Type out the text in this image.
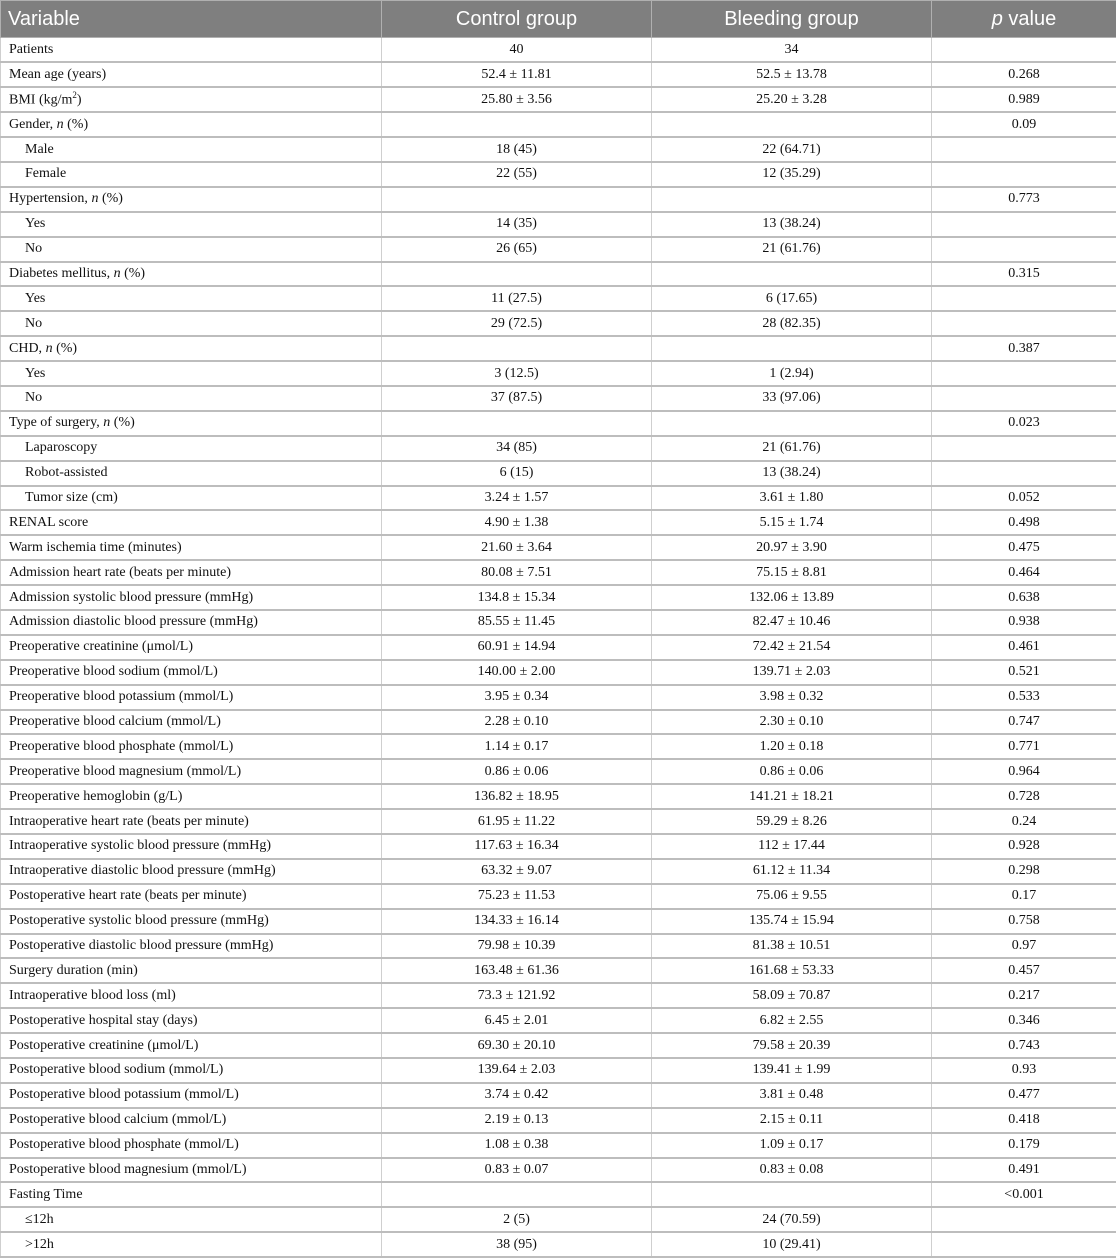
Variable	Control group	Bleeding group	p value
Patients	40	34	
Mean age (years)	52.4 ± 11.81	52.5 ± 13.78	0.268
BMI $(kg/m^2)$	25.80 ± 3.56	25.20 ± 3.28	0.989
Gender, n (%)			0.09
Male	18 (45)	22 (64.71)	
Female	22 (55)	12 (35.29)	
Hypertension, n (%)			0.773
Yes	14 (35)	13 (38.24)	
No	26 (65)	21 (61.76)	
Diabetes mellitus, n (%)			0.315
Yes	11 (27.5)	6 (17.65)	
No	29 (72.5)	28 (82.35)	
CHD, n (%)			0.387
Yes	3 (12.5)	1 (2.94)	
No	37 (87.5)	33 (97.06)	
Type of surgery, n (%)			0.023
Laparoscopy	34 (85)	21 (61.76)	
Robot-assisted	6 (15)	13 (38.24)	
Tumor size (cm)	3.24 ± 1.57	3.61 ± 1.80	0.052
RENAL score	4.90 ± 1.38	5.15 ± 1.74	0.498
Warm ischemia time (minutes)	21.60 ± 3.64	20.97 ± 3.90	0.475
Admission heart rate (beats per minute)	80.08 ± 7.51	75.15 ± 8.81	0.464
Admission systolic blood pressure (mmHg)	134.8 ± 15.34	132.06 ± 13.89	0.638
Admission diastolic blood pressure (mmHg)	85.55 ± 11.45	82.47 ± 10.46	0.938
Preoperative creatinine (μmol/L)	60.91 ± 14.94	72.42 ± 21.54	0.461
Preoperative blood sodium (mmol/L)	140.00 ± 2.00	139.71 ± 2.03	0.521
Preoperative blood potassium (mmol/L)	3.95 ± 0.34	3.98 ± 0.32	0.533
Preoperative blood calcium (mmol/L)	2.28 ± 0.10	2.30 ± 0.10	0.747
Preoperative blood phosphate (mmol/L)	1.14 ± 0.17	1.20 ± 0.18	0.771
Preoperative blood magnesium (mmol/L)	0.86 ± 0.06	0.86 ± 0.06	0.964
Preoperative hemoglobin (g/L)	136.82 ± 18.95	141.21 ± 18.21	0.728
Intraoperative heart rate (beats per minute)	61.95 ± 11.22	59.29 ± 8.26	0.24
Intraoperative systolic blood pressure (mmHg)	117.63 ± 16.34	112 ± 17.44	0.928
Intraoperative diastolic blood pressure (mmHg)	63.32 ± 9.07	61.12 ± 11.34	0.298
Postoperative heart rate (beats per minute)	75.23 ± 11.53	75.06 ± 9.55	0.17
Postoperative systolic blood pressure (mmHg)	134.33 ± 16.14	135.74 ± 15.94	0.758
Postoperative diastolic blood pressure (mmHg)	79.98 ± 10.39	81.38 ± 10.51	0.97
Surgery duration (min)	163.48 ± 61.36	161.68 ± 53.33	0.457
Intraoperative blood loss (ml)	73.3 ± 121.92	58.09 ± 70.87	0.217
Postoperative hospital stay (days)	6.45 ± 2.01	6.82 ± 2.55	0.346
Postoperative creatinine (μmol/L)	69.30 ± 20.10	79.58 ± 20.39	0.743
Postoperative blood sodium (mmol/L)	139.64 ± 2.03	139.41 ± 1.99	0.93
Postoperative blood potassium (mmol/L)	3.74 ± 0.42	3.81 ± 0.48	0.477
Postoperative blood calcium (mmol/L)	2.19 ± 0.13	2.15 ± 0.11	0.418
Postoperative blood phosphate (mmol/L)	1.08 ± 0.38	1.09 ± 0.17	0.179
Postoperative blood magnesium (mmol/L)	0.83 ± 0.07	0.83 ± 0.08	0.491
Fasting Time			<0.001
≤12h	2 (5)	24 (70.59)	
>12h	38 (95)	10 (29.41)	
